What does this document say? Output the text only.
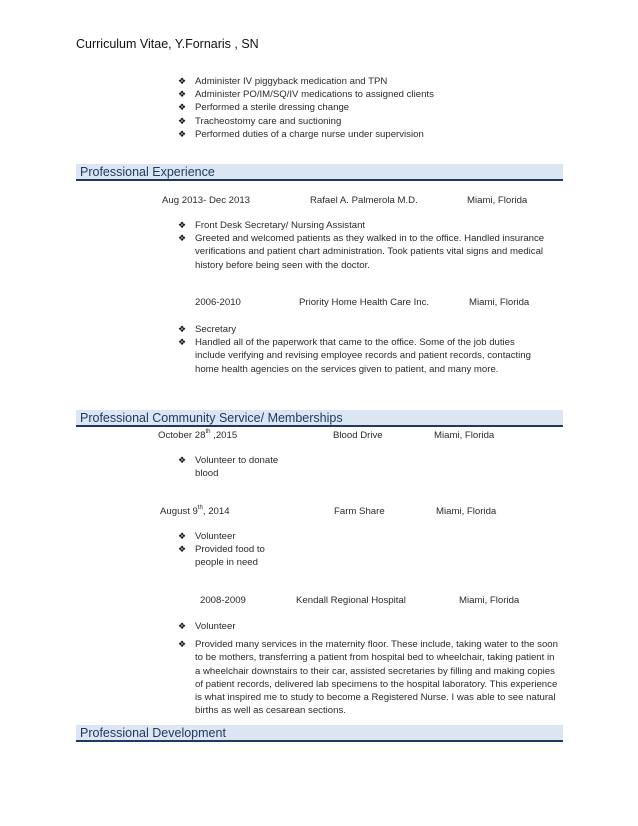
Curriculum Vitae, Y.Fornaris , SN
❖ Administer IV piggyback medication and TPN
❖ Administer PO/IM/SQ/IV medications to assigned clients
❖ Performed a sterile dressing change
❖ Tracheostomy care and suctioning
❖ Performed duties of a charge nurse under supervision
Professional Experience
Aug 2013- Dec 2013	Rafael A. Palmerola M.D.	Miami, Florida
❖ Front Desk Secretary/ Nursing Assistant
❖ Greeted and welcomed patients as they walked in to the office. Handled insurance verifications and patient chart administration. Took patients vital signs and medical history before being seen with the doctor.
2006-2010	Priority Home Health Care Inc.	Miami, Florida
❖ Secretary
❖ Handled all of the paperwork that came to the office. Some of the job duties include verifying and revising employee records and patient records, contacting home health agencies on the services given to patient, and many more.
Professional Community Service/ Memberships
October 28th ,2015	Blood Drive	Miami, Florida
❖ Volunteer to donate blood
August 9th, 2014	Farm Share	Miami, Florida
❖ Volunteer
❖ Provided food to people in need
2008-2009	Kendall Regional Hospital	Miami, Florida
❖ Volunteer
❖ Provided many services in the maternity floor. These include, taking water to the soon to be mothers, transferring a patient from hospital bed to wheelchair, taking patient in a wheelchair downstairs to their car, assisted secretaries by filling and making copies of patient records, delivered lab specimens to the hospital laboratory. This experience is what inspired me to study to become a Registered Nurse. I was able to see natural births as well as cesarean sections.
Professional Development
